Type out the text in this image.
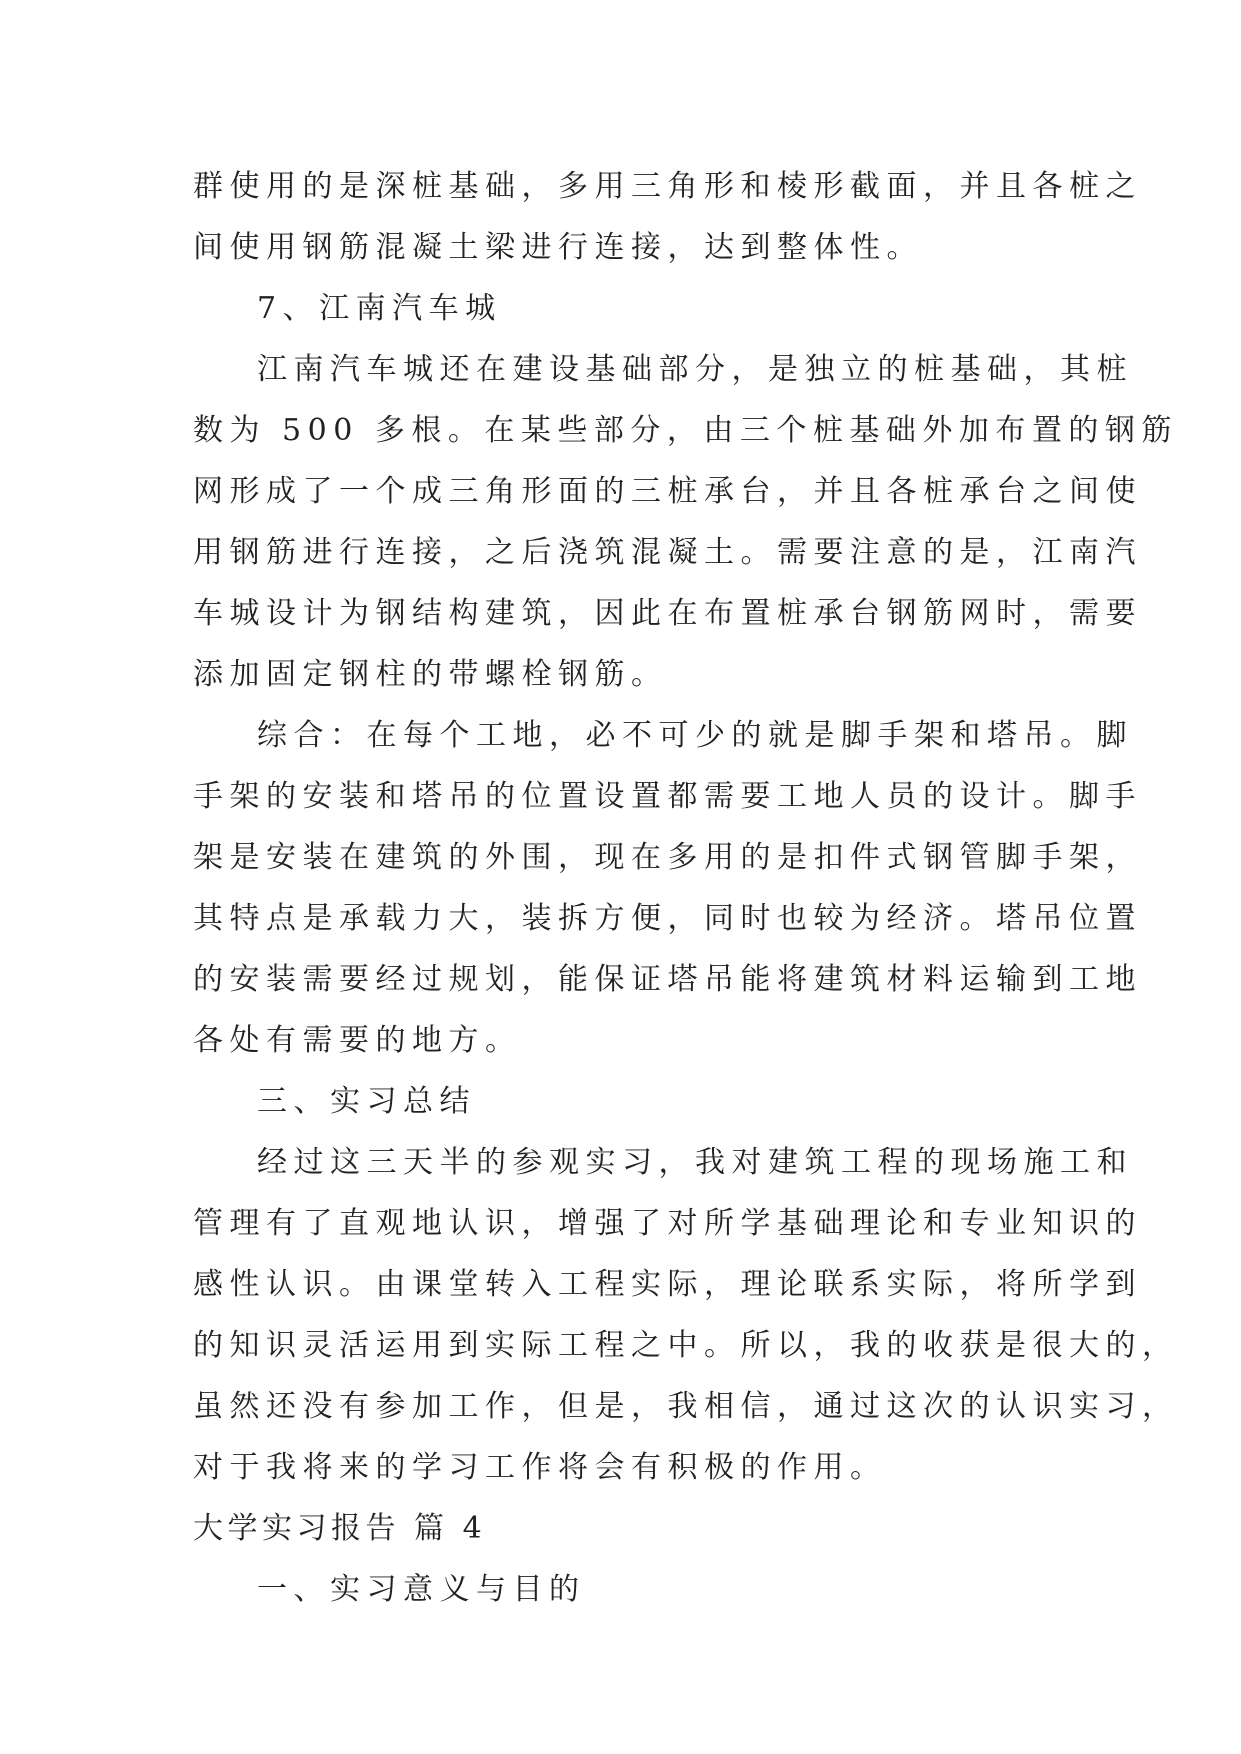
群使用的是深桩基础，多用三角形和棱形截面，并且各桩之
间使用钢筋混凝土梁进行连接，达到整体性。
7、江南汽车城
江南汽车城还在建设基础部分，是独立的桩基础，其桩
数为 500 多根。在某些部分，由三个桩基础外加布置的钢筋
网形成了一个成三角形面的三桩承台，并且各桩承台之间使
用钢筋进行连接，之后浇筑混凝土。需要注意的是，江南汽
车城设计为钢结构建筑，因此在布置桩承台钢筋网时，需要
添加固定钢柱的带螺栓钢筋。
综合：在每个工地，必不可少的就是脚手架和塔吊。脚
手架的安装和塔吊的位置设置都需要工地人员的设计。脚手
架是安装在建筑的外围，现在多用的是扣件式钢管脚手架，
其特点是承载力大，装拆方便，同时也较为经济。塔吊位置
的安装需要经过规划，能保证塔吊能将建筑材料运输到工地
各处有需要的地方。
三、实习总结
经过这三天半的参观实习，我对建筑工程的现场施工和
管理有了直观地认识，增强了对所学基础理论和专业知识的
感性认识。由课堂转入工程实际，理论联系实际，将所学到
的知识灵活运用到实际工程之中。所以，我的收获是很大的，
虽然还没有参加工作，但是，我相信，通过这次的认识实习，
对于我将来的学习工作将会有积极的作用。
大学实习报告 篇 4
一、实习意义与目的
